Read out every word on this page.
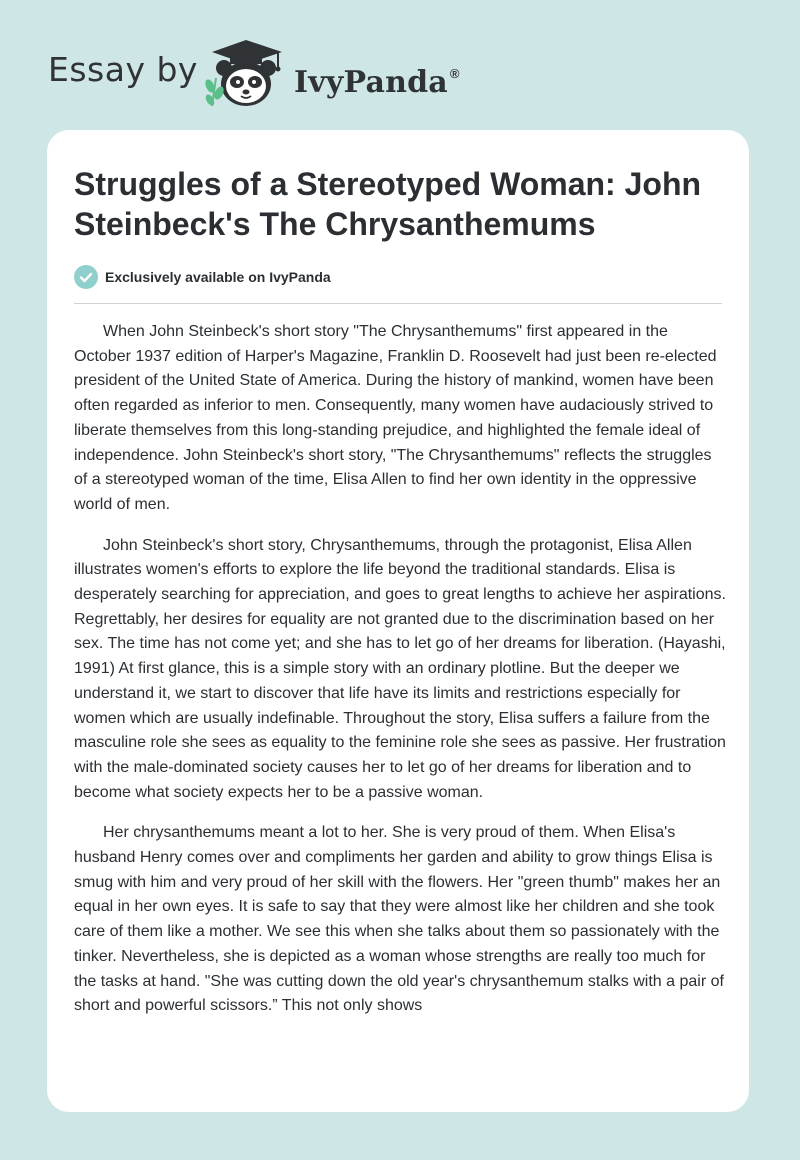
Essay by	IvyPanda ®
Struggles of a Stereotyped Woman: John Steinbeck's The Chrysanthemums
Exclusively available on IvyPanda

When John Steinbeck's short story "The Chrysanthemums" first appeared in the October 1937 edition of Harper's Magazine, Franklin D. Roosevelt had just been re-elected president of the United State of America. During the history of mankind, women have been often regarded as inferior to men. Consequently, many women have audaciously strived to liberate themselves from this long-standing prejudice, and highlighted the female ideal of independence. John Steinbeck's short story, "The Chrysanthemums" reflects the struggles of a stereotyped woman of the time, Elisa Allen to find her own identity in the oppressive world of men.

John Steinbeck's short story, Chrysanthemums, through the protagonist, Elisa Allen illustrates women's efforts to explore the life beyond the traditional standards. Elisa is desperately searching for appreciation, and goes to great lengths to achieve her aspirations. Regrettably, her desires for equality are not granted due to the discrimination based on her sex. The time has not come yet; and she has to let go of her dreams for liberation. (Hayashi, 1991) At first glance, this is a simple story with an ordinary plotline. But the deeper we understand it, we start to discover that life have its limits and restrictions especially for women which are usually indefinable. Throughout the story, Elisa suffers a failure from the masculine role she sees as equality to the feminine role she sees as passive. Her frustration with the male-dominated society causes her to let go of her dreams for liberation and to become what society expects her to be a passive woman.

Her chrysanthemums meant a lot to her. She is very proud of them. When Elisa's husband Henry comes over and compliments her garden and ability to grow things Elisa is smug with him and very proud of her skill with the flowers. Her "green thumb" makes her an equal in her own eyes. It is safe to say that they were almost like her children and she took care of them like a mother. We see this when she talks about them so passionately with the tinker. Nevertheless, she is depicted as a woman whose strengths are really too much for the tasks at hand. "She was cutting down the old year's chrysanthemum stalks with a pair of short and powerful scissors.” This not only shows
